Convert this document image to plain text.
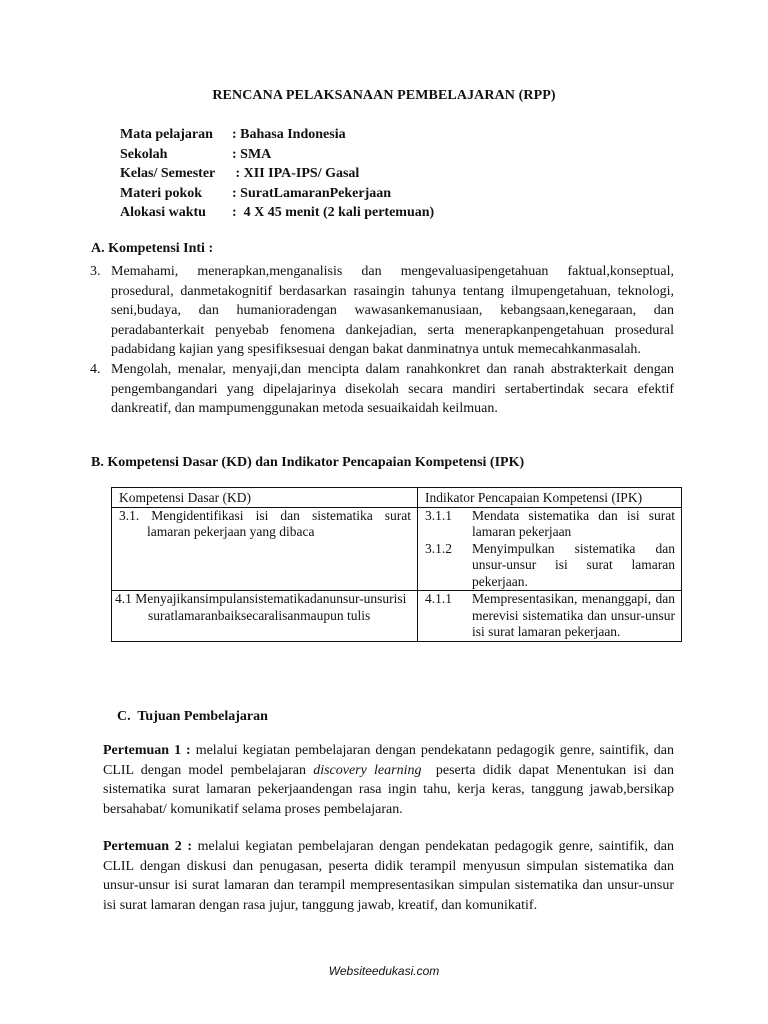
RENCANA PELAKSANAAN PEMBELAJARAN (RPP)
Mata pelajaran : Bahasa Indonesia
Sekolah	: SMA
Kelas/ Semester : XII IPA-IPS/ Gasal
Materi pokok : SuratLamaranPekerjaan
Alokasi waktu :  4 X 45 menit (2 kali pertemuan)
A. Kompetensi Inti :
3. Memahami, menerapkan,menganalisis dan mengevaluasipengetahuan faktual,konseptual, prosedural, danmetakognitif berdasarkan rasaingin tahunya tentang ilmupengetahuan, teknologi, seni,budaya, dan humanioradengan wawasankemanusiaan, kebangsaan,kenegaraan, dan peradabanterkait penyebab fenomena dankejadian, serta menerapkanpengetahuan prosedural padabidang kajian yang spesifiksesuai dengan bakat danminatnya untuk memecahkanmasalah.
4. Mengolah, menalar, menyaji,dan mencipta dalam ranahkonkret dan ranah abstrakterkait dengan pengembangandari yang dipelajarinya disekolah secara mandiri sertabertindak secara efektif dankreatif, dan mampumenggunakan metoda sesuaikaidah keilmuan.
B. Kompetensi Dasar (KD) dan Indikator Pencapaian Kompetensi (IPK)
Kompetensi Dasar (KD)	Indikator Pencapaian Kompetensi (IPK)

3.1. Mengidentifikasi isi dan sistematika surat lamaran pekerjaan yang dibaca	3.1.1 Mendata sistematika dan isi surat lamaran pekerjaan
3.1.2 Menyimpulkan sistematika dan unsur-unsur isi surat lamaran pekerjaan.

4.1 Menyajikansimpulansistematikadanunsur-unsurisisuratlamaranbaiksecaralisanmaupun tulis	4.1.1 Mempresentasikan, menanggapi, dan merevisi sistematika dan unsur-unsur isi surat lamaran pekerjaan.
C.  Tujuan Pembelajaran
Pertemuan 1 : melalui kegiatan pembelajaran dengan pendekatann pedagogik genre, saintifik, dan CLIL dengan model pembelajaran discovery learning  peserta didik dapat Menentukan isi dan sistematika surat lamaran pekerjaandengan rasa ingin tahu, kerja keras, tanggung jawab,bersikap bersahabat/ komunikatif selama proses pembelajaran.
Pertemuan 2 : melalui kegiatan pembelajaran dengan pendekatan pedagogik genre, saintifik, dan CLIL dengan diskusi dan penugasan, peserta didik terampil menyusun simpulan sistematika dan unsur-unsur isi surat lamaran dan terampil mempresentasikan simpulan sistematika dan unsur-unsur isi surat lamaran dengan rasa jujur, tanggung jawab, kreatif, dan komunikatif.
Websiteedukasi.com
